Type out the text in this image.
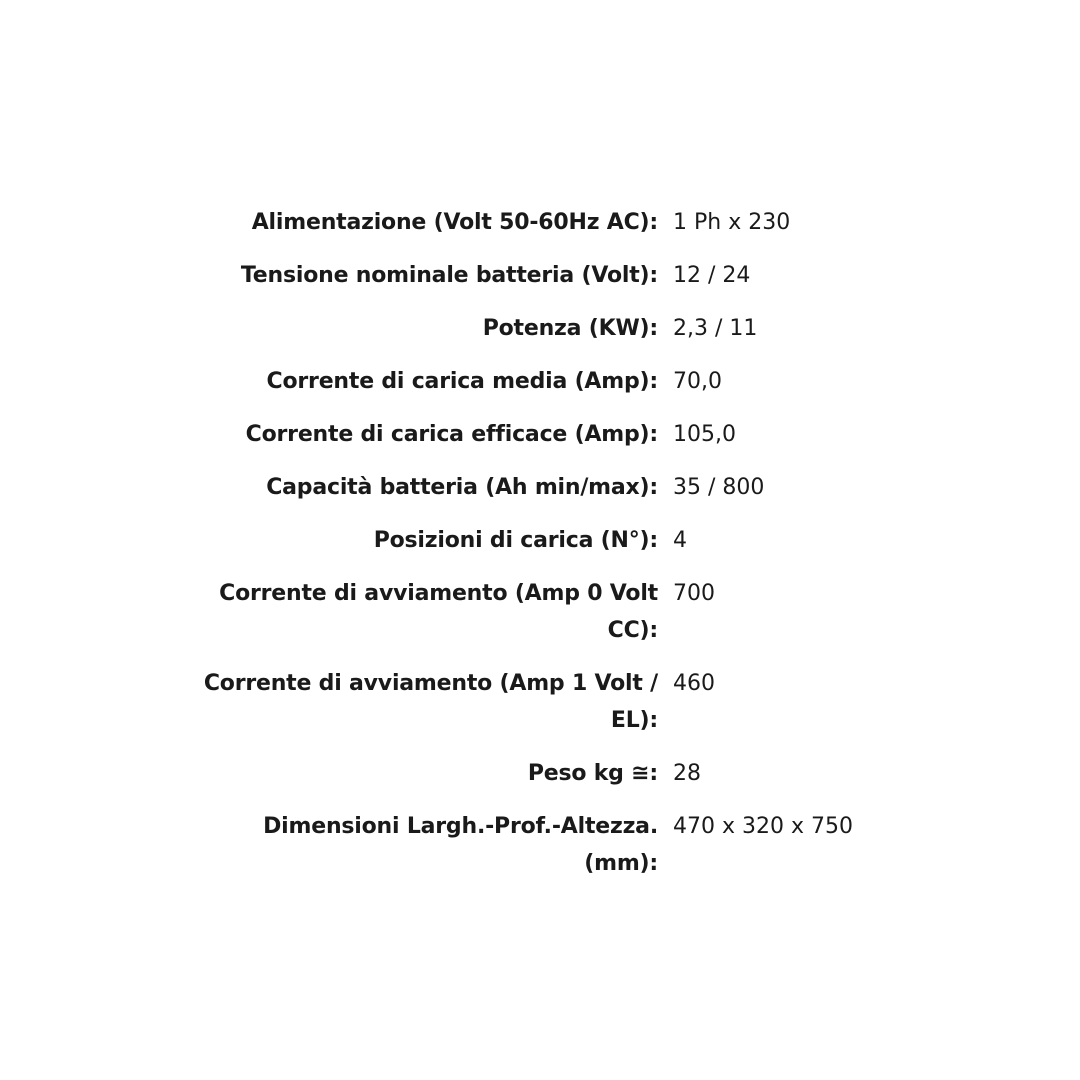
Alimentazione (Volt 50-60Hz AC): 1 Ph x 230
Tensione nominale batteria (Volt): 12 / 24
Potenza (KW): 2,3 / 11
Corrente di carica media (Amp): 70,0
Corrente di carica efficace (Amp): 105,0
Capacità batteria (Ah min/max): 35 / 800
Posizioni di carica (N°): 4
Corrente di avviamento (Amp 0 Volt CC):
700
Corrente di avviamento (Amp 1 Volt / EL):
460
Peso kg ≅: 28
Dimensioni Largh.-Prof.-Altezza. (mm):
470 x 320 x 750
